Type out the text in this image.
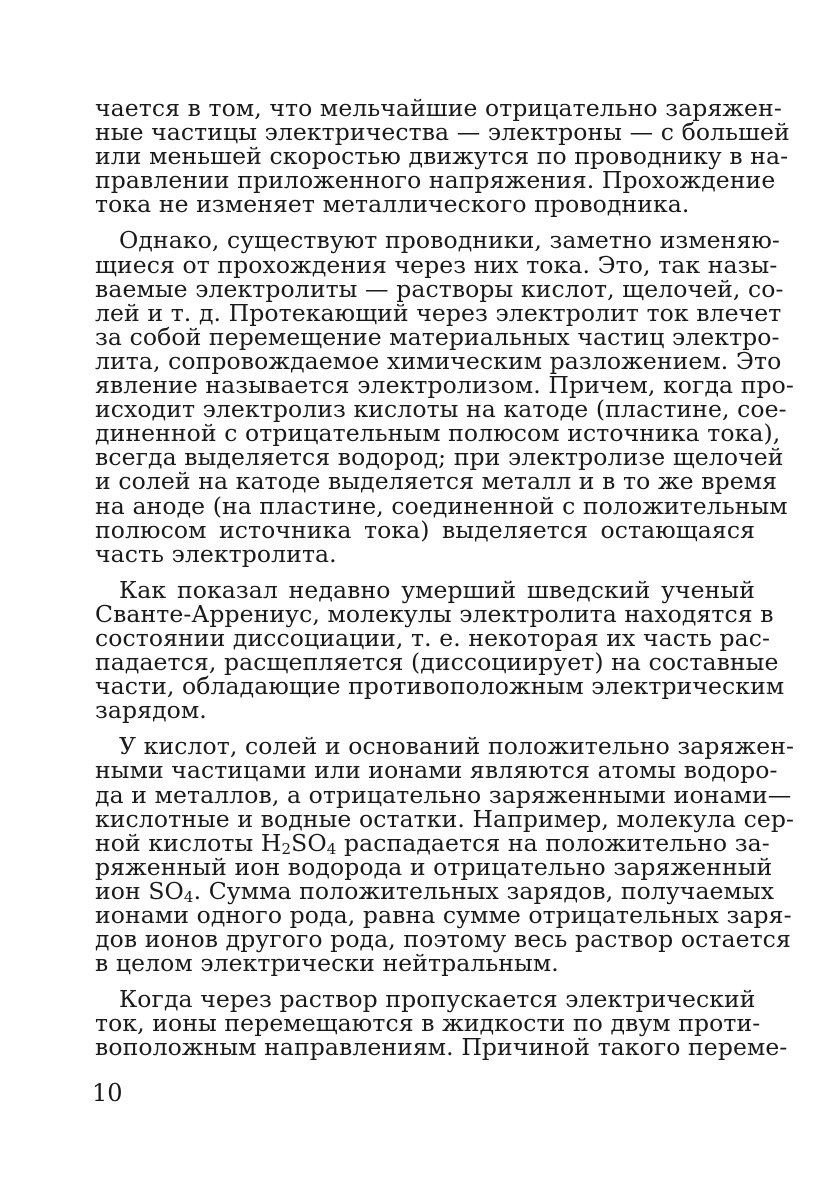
чается в том, что мельчайшие отрицательно заряжен-
ные частицы электричества — электроны — с большей
или меньшей скоростью движутся по проводнику в на-
правлении приложенного напряжения. Прохождение
тока не изменяет металлического проводника.
Однако, существуют проводники, заметно изменяю-
щиеся от прохождения через них тока. Это, так назы-
ваемые электролиты — растворы кислот, щелочей, со-
лей и т. д. Протекающий через электролит ток влечет
за собой перемещение материальных частиц электро-
лита, сопровождаемое химическим разложением. Это
явление называется электролизом. Причем, когда про-
исходит электролиз кислоты на катоде (пластине, сое-
диненной с отрицательным полюсом источника тока),
всегда выделяется водород; при электролизе щелочей
и солей на катоде выделяется металл и в то же время
на аноде (на пластине, соединенной с положительным
полюсом источника тока) выделяется остающаяся
часть электролита.
Как показал недавно умерший шведский ученый
Сванте-Аррениус, молекулы электролита находятся в
состоянии диссоциации, т. е. некоторая их часть рас-
падается, расщепляется (диссоциирует) на составные
части, обладающие противоположным электрическим
зарядом.
У кислот, солей и оснований положительно заряжен-
ными частицами или ионами являются атомы водоро-
да и металлов, а отрицательно заряженными ионами—
кислотные и водные остатки. Например, молекула сер-
ной кислоты $H_2SO_4$ распадается на положительно за-
ряженный ион водорода и отрицательно заряженный
ион $SO_4$. Сумма положительных зарядов, получаемых
ионами одного рода, равна сумме отрицательных заря-
дов ионов другого рода, поэтому весь раствор остается
в целом электрически нейтральным.
Когда через раствор пропускается электрический
ток, ионы перемещаются в жидкости по двум проти-
воположным направлениям. Причиной такого переме-
10
